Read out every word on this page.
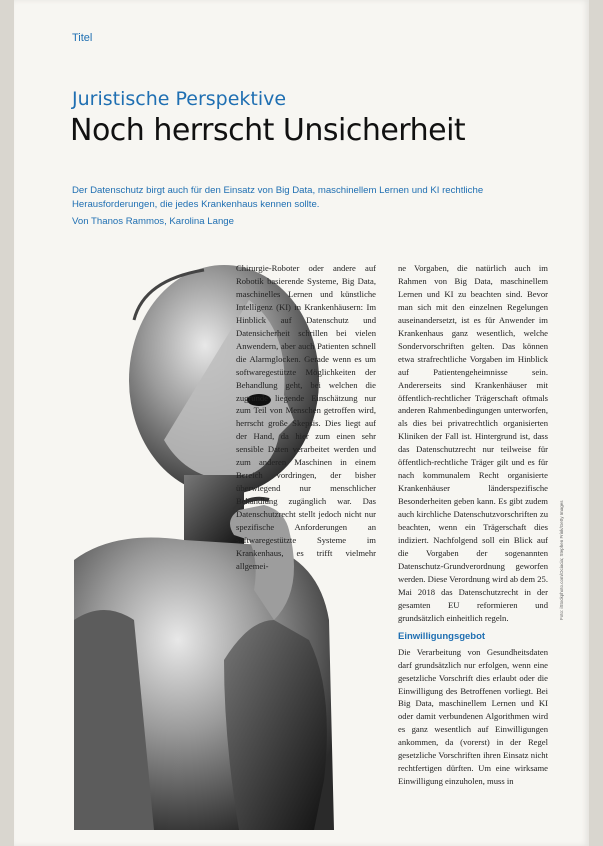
Titel
Juristische Perspektive
Noch herrscht Unsicherheit

Der Datenschutz birgt auch für den Einsatz von Big Data, maschinellem Lernen und KI rechtliche Herausforderungen, die jedes Krankenhaus kennen sollte.

Von Thanos Rammos, Karolina Lange

Chirurgie-Roboter oder andere auf Robotik basierende Systeme, Big Data, maschinelles Lernen und künstliche Intelligenz (KI) in Krankenhäusern: Im Hinblick auf Datenschutz und Datensicherheit schrillen bei vielen Anwendern, aber auch Patienten schnell die Alarmglocken. Gerade wenn es um softwaregestützte Möglichkeiten der Behandlung geht, bei welchen die zugrunde liegende Einschätzung nur zum Teil von Menschen getroffen wird, herrscht große Skepsis. Dies liegt auf der Hand, da hier zum einen sehr sensible Daten verarbeitet werden und zum anderen Maschinen in einem Bereich vordringen, der bisher überwiegend nur menschlicher Behandlung zugänglich war. Das Datenschutzrecht stellt jedoch nicht nur spezifische Anforderungen an softwaregestützte Systeme im Krankenhaus, es trifft vielmehr allgemei-

ne Vorgaben, die natürlich auch im Rahmen von Big Data, maschinellem Lernen und KI zu beachten sind. Bevor man sich mit den einzelnen Regelungen auseinandersetzt, ist es für Anwender im Krankenhaus ganz wesentlich, welche Sondervorschriften gelten. Das können etwa strafrechtliche Vorgaben im Hinblick auf Patientengeheimnisse sein. Andererseits sind Krankenhäuser mit öffentlich-rechtlicher Trägerschaft oftmals anderen Rahmenbedingungen unterworfen, als dies bei privatrechtlich organisierten Kliniken der Fall ist. Hintergrund ist, dass das Datenschutzrecht nur teilweise für öffentlich-rechtliche Träger gilt und es für nach kommunalem Recht organisierte Krankenhäuser länderspezifische Besonderheiten geben kann. Es gibt zudem auch kirchliche Datenschutzvorschriften zu beachten, wenn ein Trägerschaft dies indiziert. Nachfolgend soll ein Blick auf die Vorgaben der sogenannten Datenschutz-Grundverordnung geworfen werden. Diese Verordnung wird ab dem 25. Mai 2018 das Datenschutzrecht in der gesamten EU reformieren und grundsätzlich einheitlich regeln.

Einwilligungsgebot

Die Verarbeitung von Gesundheitsdaten darf grundsätzlich nur erfolgen, wenn eine gesetzliche Vorschrift dies erlaubt oder die Einwilligung des Betroffenen vorliegt. Bei Big Data, maschinellem Lernen und KI oder damit verbundenen Algorithmen wird es ganz wesentlich auf Einwilligungen ankommen, da (vorerst) in der Regel gesetzliche Vorschriften ihren Einsatz nicht rechtfertigen dürften. Um eine wirksame Einwilligung einzuholen, muss in

Foto: iStockphoto.com/Ociacia; Stephen Frink/Getty Images
